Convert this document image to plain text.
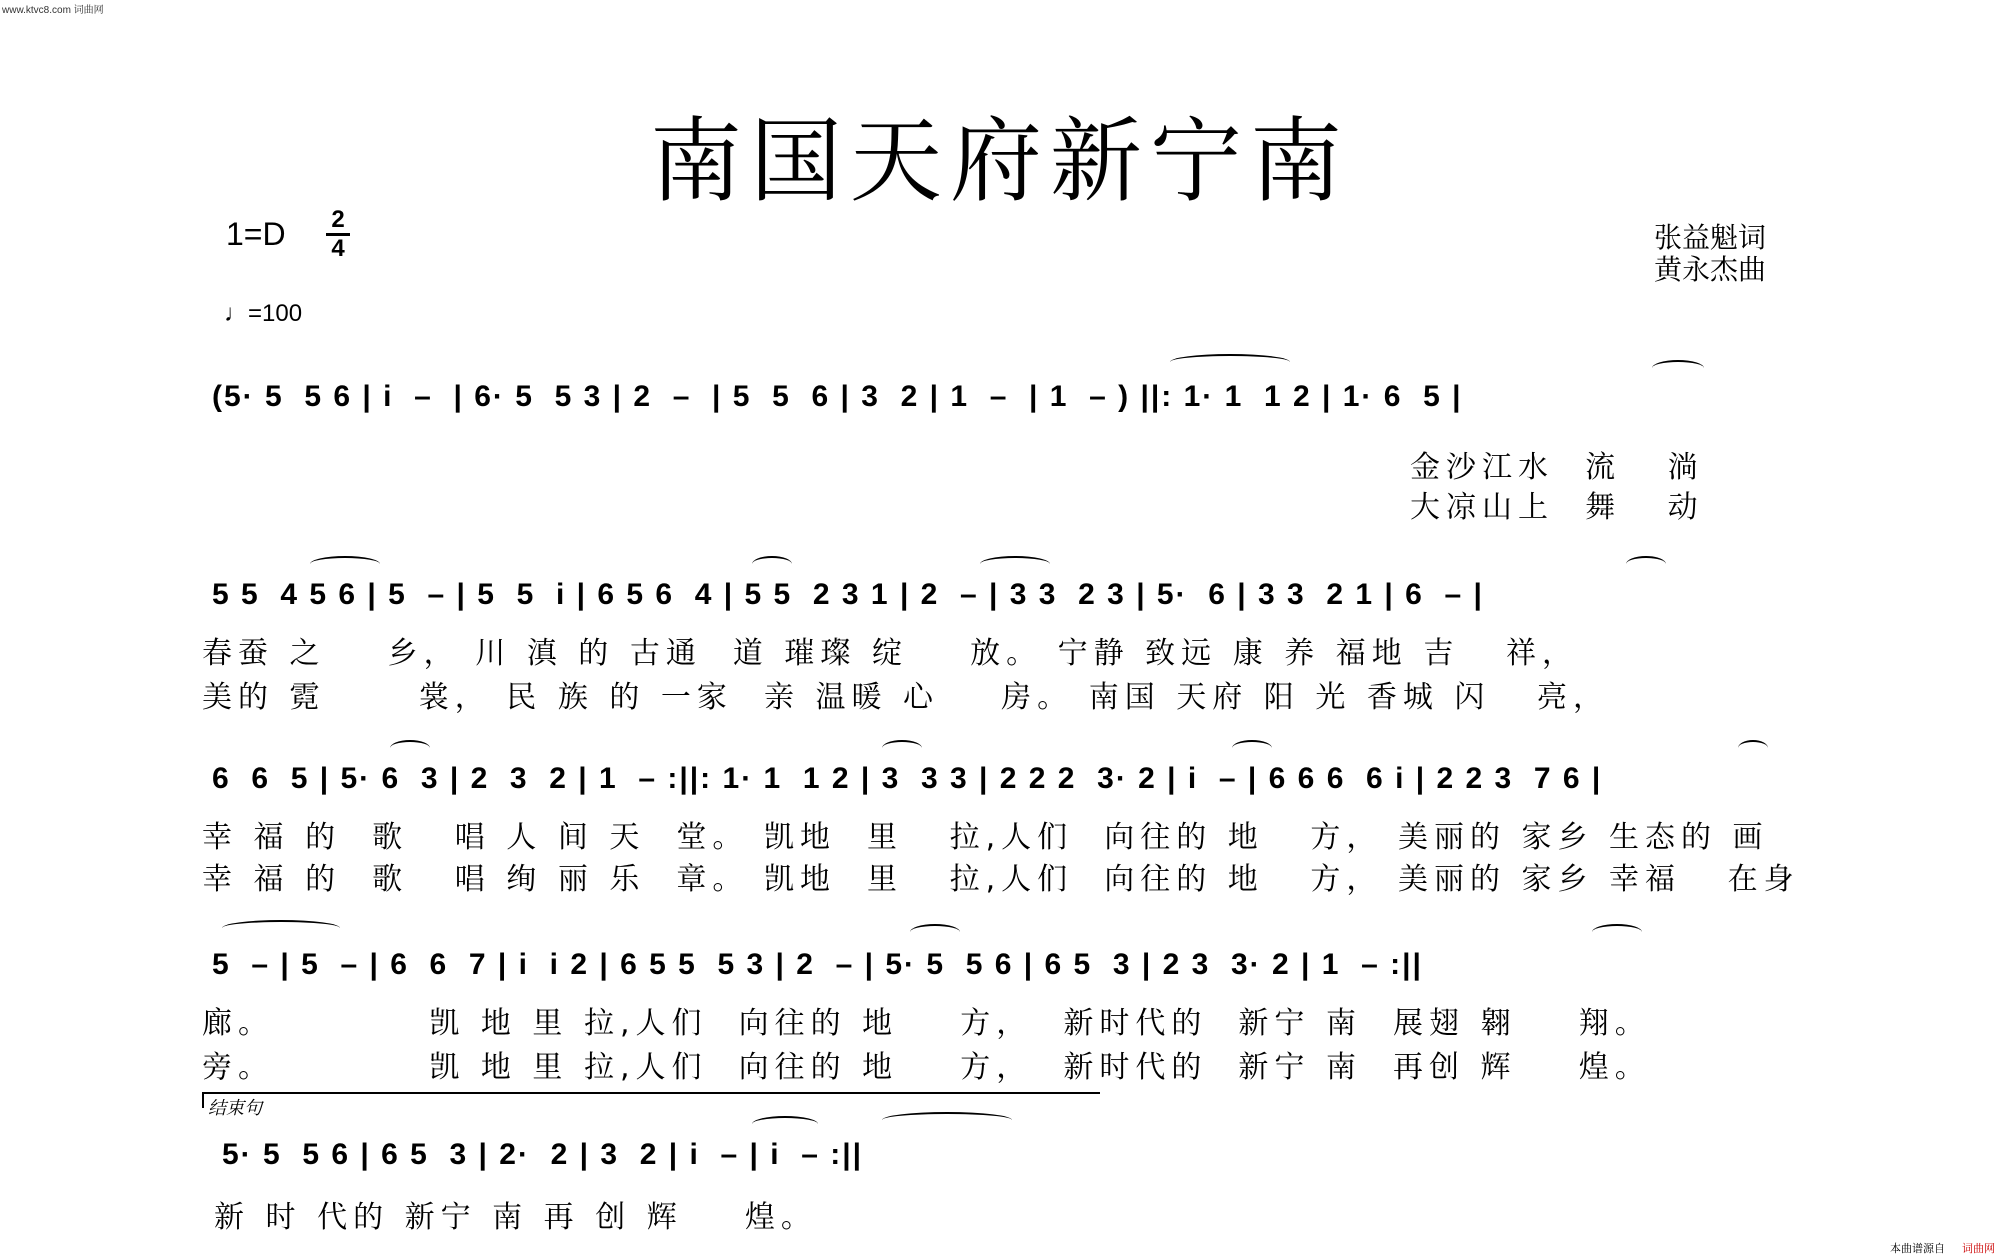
www.ktvc8.com 词曲网
南国天府新宁南
1=D 2
4
♩=100
张益魁词
黄永杰曲
(5· 5  5 6 | i  –  | 6· 5  5 3 | 2  –  | 5  5  6 | 3  2 | 1  –  | 1  – ) ||: 1· 1  1 2 | 1· 6  5 |
金沙江水  流   淌
大凉山上  舞   动
5 5  4 5 6 | 5  – | 5  5  i | 6 5 6  4 | 5 5  2 3 1 | 2  – | 3 3  2 3 | 5·  6 | 3 3  2 1 | 6  – |
春蚕 之    乡， 川 滇 的 古通  道 璀璨 绽    放。 宁静 致远 康 养 福地 吉   祥，
美的 霓      裳， 民 族 的 一家  亲 温暖 心    房。 南国 天府 阳 光 香城 闪   亮，
6  6  5 | 5· 6  3 | 2  3  2 | 1  – :||: 1· 1  1 2 | 3  3 3 | 2 2 2  3· 2 | i  – | 6 6 6  6 i | 2 2 3  7 6 |
幸 福 的  歌   唱 人 间 天  堂。 凯地  里   拉,人们  向往的 地   方， 美丽的 家乡 生态的 画
幸 福 的  歌   唱 绚 丽 乐  章。 凯地  里   拉,人们  向往的 地   方， 美丽的 家乡 幸福   在身
5  – | 5  – | 6  6  7 | i  i 2 | 6 5 5  5 3 | 2  – | 5· 5  5 6 | 6 5  3 | 2 3  3· 2 | 1  – :||
廊。          凯 地 里 拉,人们  向往的 地    方，  新时代的  新宁 南  展翅 翱    翔。
旁。          凯 地 里 拉,人们  向往的 地    方，  新时代的  新宁 南  再创 辉    煌。
结束句
5· 5  5 6 | 6 5  3 | 2·  2 | 3  2 | i  – | i  – :||
新 时 代的 新宁 南 再 创 辉    煌。
本曲谱源自 词曲网
